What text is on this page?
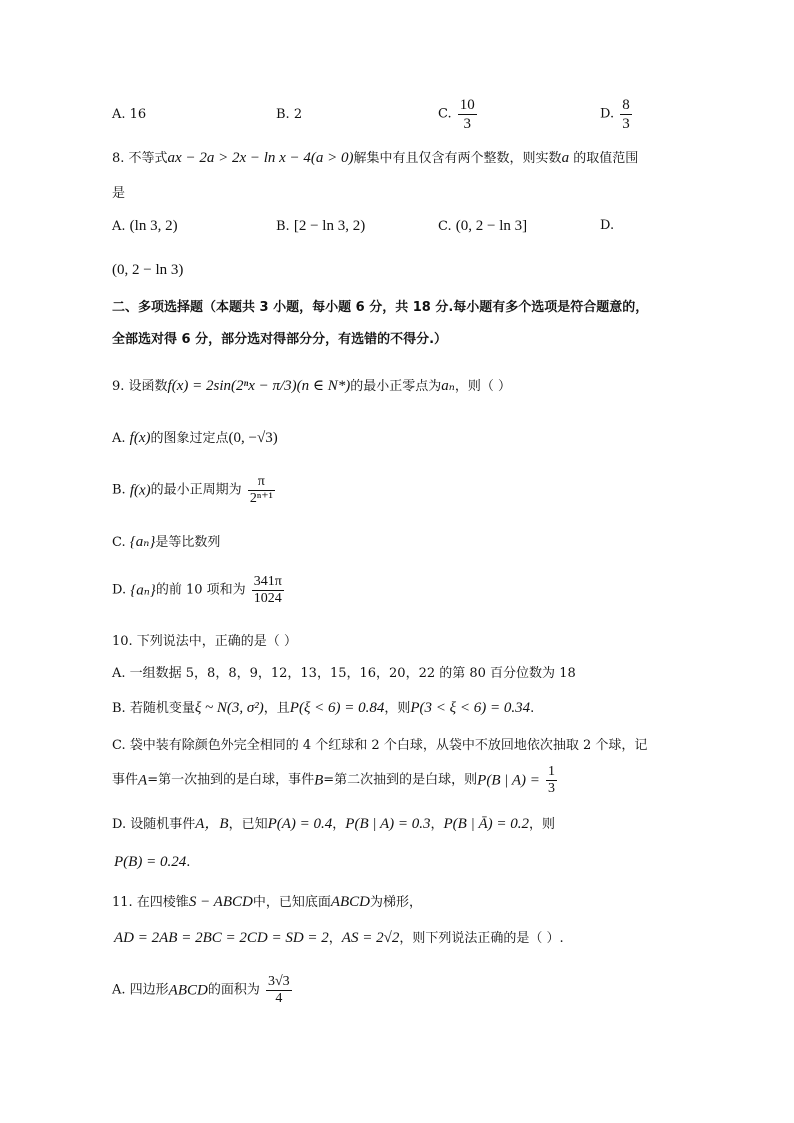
A. 16	B. 2	C. $\frac{10}{3}$	D. $\frac{8}{3}$
8. 不等式ax − 2a > 2x − ln x − 4(a > 0)解集中有且仅含有两个整数，则实数a 的取值范围
是
A. (ln 3, 2)	B. [2 − ln 3, 2)	C. (0, 2 − ln 3]	D.
(0, 2 − ln 3)
二、多项选择题（本题共 3 小题，每小题 6 分，共 18 分.每小题有多个选项是符合题意的，
全部选对得 6 分，部分选对得部分分，有选错的不得分.）
9. 设函数f(x) = 2sin(2ⁿx − π/3)(n ∈ N*)的最小正零点为aₙ，则（ ）
A. f(x)的图象过定点(0, −√3)
B. f(x)的最小正周期为 $\frac{\pi}{\text{2ⁿ⁺¹}}$
C. {aₙ}是等比数列
D. {aₙ}的前 10 项和为 $\frac{341\pi}{1024}$
10. 下列说法中，正确的是（ ）
A. 一组数据 5，8，8，9，12，13，15，16，20，22 的第 80 百分位数为 18
B. 若随机变量ξ ~ N(3, σ²)，且P(ξ < 6) = 0.84，则P(3 < ξ < 6) = 0.34.
C. 袋中装有除颜色外完全相同的 4 个红球和 2 个白球，从袋中不放回地依次抽取 2 个球，记
事件A=第一次抽到的是白球，事件B=第二次抽到的是白球，则P(B | $A) = \frac{1}{3}$
D. 设随机事件A，B，已知P(A) = 0.4，P(B | A) = 0.3，P(B | Ā) = 0.2，则
P(B) = 0.24.
11. 在四棱锥S − ABCD中，已知底面ABCD为梯形，
AD = 2AB = 2BC = 2CD = SD = 2，AS = 2√2，则下列说法正确的是（ ）.
A. 四边形ABCD的面积为 $\frac{3√3}{4}$
